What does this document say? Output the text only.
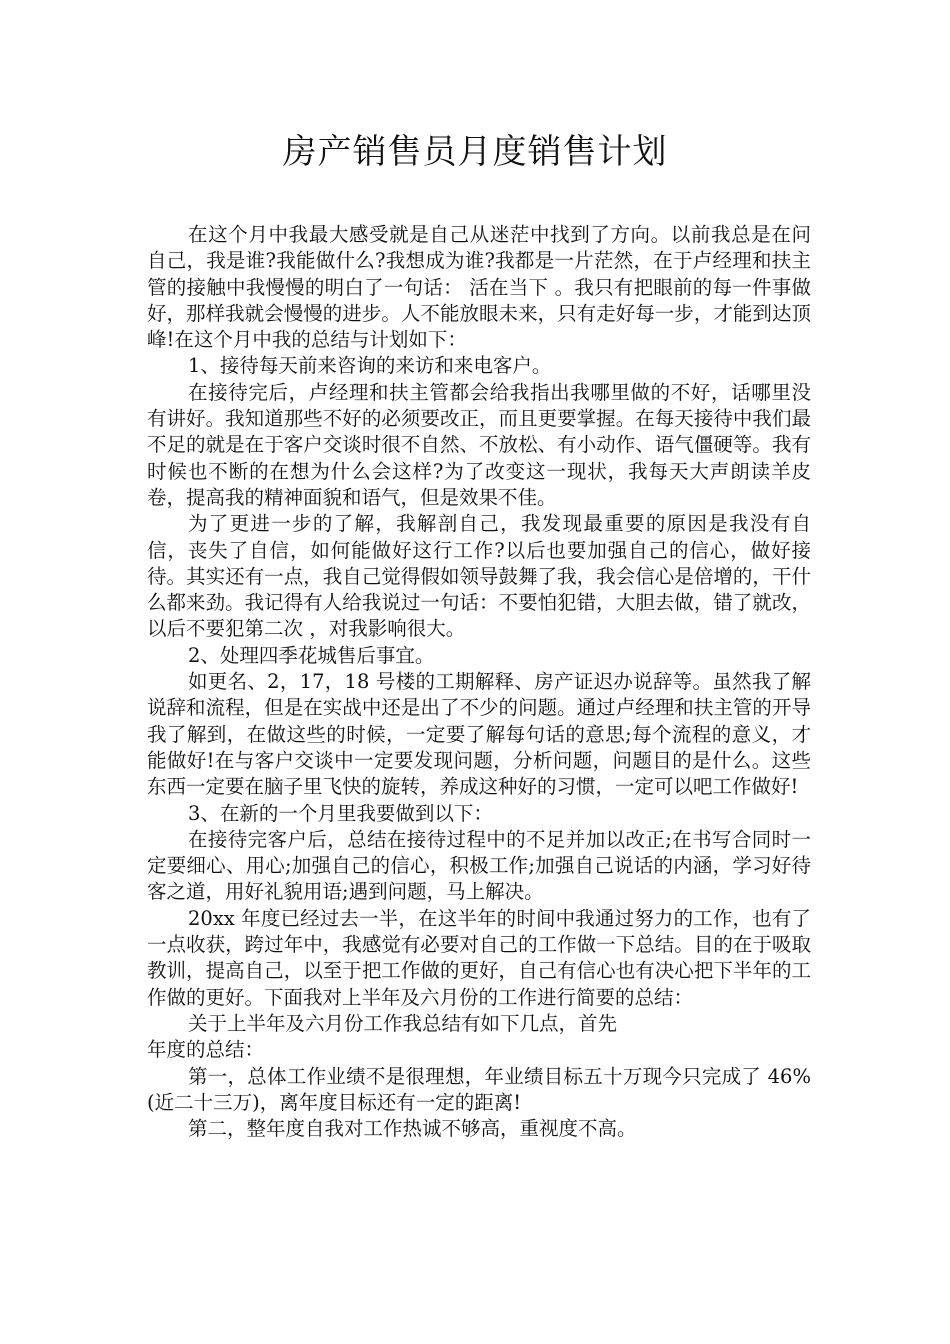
房产销售员月度销售计划

在这个月中我最大感受就是自己从迷茫中找到了方向。以前我总是在问自己，我是谁?我能做什么?我想成为谁?我都是一片茫然，在于卢经理和扶主管的接触中我慢慢的明白了一句话： 活在当下 。我只有把眼前的每一件事做好，那样我就会慢慢的进步。人不能放眼未来，只有走好每一步，才能到达顶峰!在这个月中我的总结与计划如下：

1、接待每天前来咨询的来访和来电客户。

在接待完后，卢经理和扶主管都会给我指出我哪里做的不好，话哪里没有讲好。我知道那些不好的必须要改正，而且更要掌握。在每天接待中我们最不足的就是在于客户交谈时很不自然、不放松、有小动作、语气僵硬等。我有时候也不断的在想为什么会这样?为了改变这一现状，我每天大声朗读羊皮卷，提高我的精神面貌和语气，但是效果不佳。

为了更进一步的了解，我解剖自己，我发现最重要的原因是我没有自信，丧失了自信，如何能做好这行工作?以后也要加强自己的信心，做好接待。其实还有一点，我自己觉得假如领导鼓舞了我，我会信心是倍增的，干什么都来劲。我记得有人给我说过一句话：不要怕犯错，大胆去做，错了就改，以后不要犯第二次 ，对我影响很大。

2、处理四季花城售后事宜。

如更名、2，17，18 号楼的工期解释、房产证迟办说辞等。虽然我了解说辞和流程，但是在实战中还是出了不少的问题。通过卢经理和扶主管的开导我了解到，在做这些的时候，一定要了解每句话的意思;每个流程的意义，才能做好!在与客户交谈中一定要发现问题，分析问题，问题目的是什么。这些东西一定要在脑子里飞快的旋转，养成这种好的习惯，一定可以吧工作做好!

3、在新的一个月里我要做到以下：

在接待完客户后，总结在接待过程中的不足并加以改正;在书写合同时一定要细心、用心;加强自己的信心，积极工作;加强自己说话的内涵，学习好待客之道，用好礼貌用语;遇到问题，马上解决。

20xx 年度已经过去一半，在这半年的时间中我通过努力的工作，也有了一点收获，跨过年中，我感觉有必要对自己的工作做一下总结。目的在于吸取教训，提高自己，以至于把工作做的更好，自己有信心也有决心把下半年的工作做的更好。下面我对上半年及六月份的工作进行简要的总结：

关于上半年及六月份工作我总结有如下几点，首先

年度的总结：

第一，总体工作业绩不是很理想，年业绩目标五十万现今只完成了 46%(近二十三万)，离年度目标还有一定的距离!

第二，整年度自我对工作热诚不够高，重视度不高。
